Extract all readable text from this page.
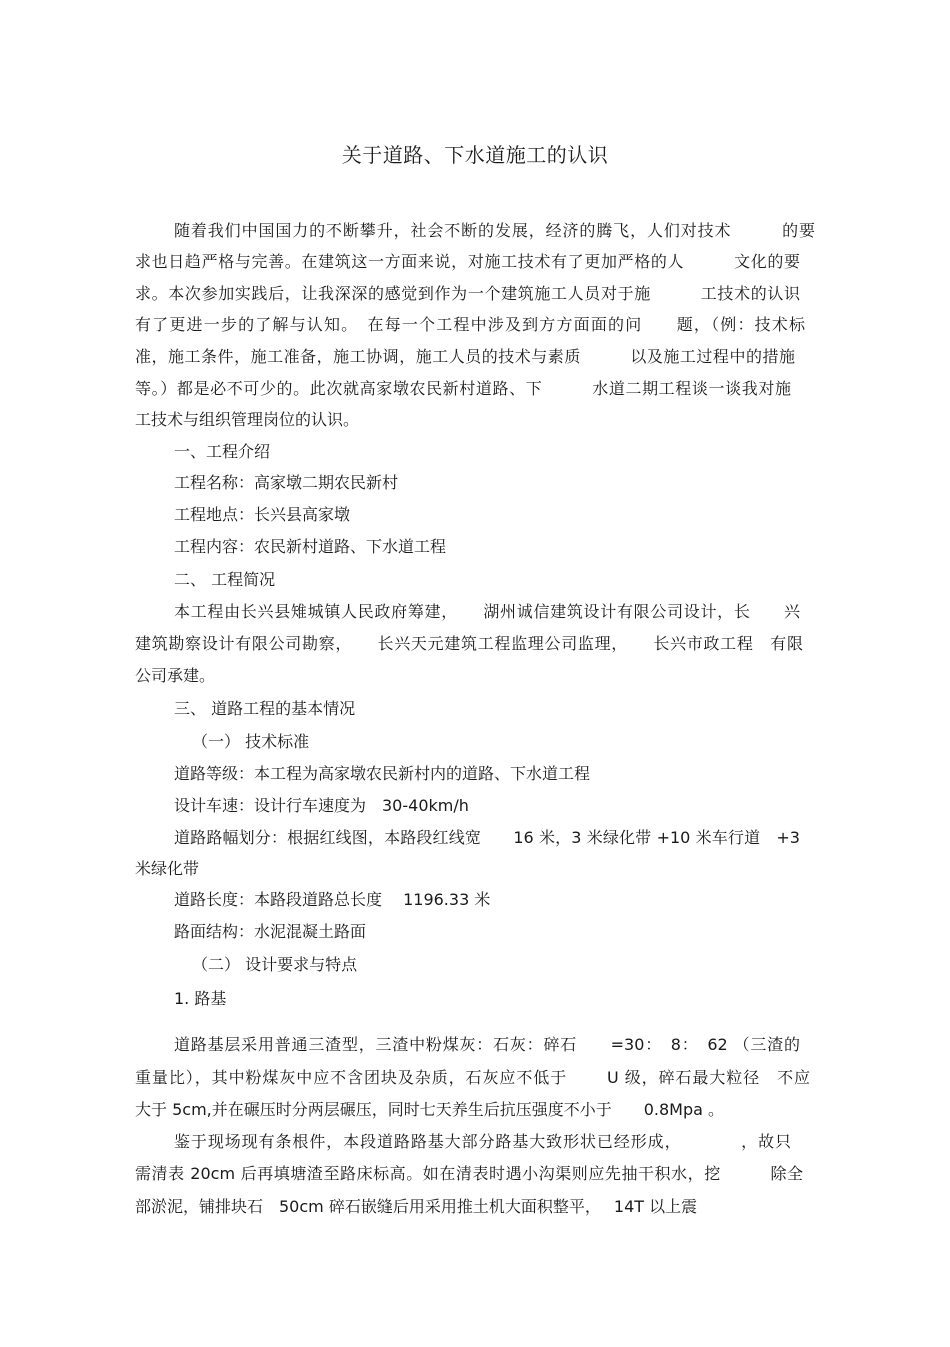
关于道路、下水道施工的认识
随着我们中国国力的不断攀升，社会不断的发展，经济的腾飞，人们对技术　　　的要
求也日趋严格与完善。在建筑这一方面来说，对施工技术有了更加严格的人　　　文化的要
求。本次参加实践后，让我深深的感觉到作为一个建筑施工人员对于施　　　工技术的认识
有了更进一步的了解与认知。　在每一个工程中涉及到方方面面的问　　题，（例：技术标
准，施工条件，施工准备，施工协调，施工人员的技术与素质　　　以及施工过程中的措施
等。）都是必不可少的。此次就高家墩农民新村道路、下　　　水道二期工程谈一谈我对施
工技术与组织管理岗位的认识。
一、工程介绍
工程名称：高家墩二期农民新村
工程地点：长兴县高家墩
工程内容：农民新村道路、下水道工程
二、 工程简况
本工程由长兴县雉城镇人民政府筹建，　　湖州诚信建筑设计有限公司设计，长　　兴
建筑勘察设计有限公司勘察，　　长兴天元建筑工程监理公司监理，　　长兴市政工程　有限
公司承建。
三、 道路工程的基本情况
（一） 技术标准
道路等级：本工程为高家墩农民新村内的道路、下水道工程
设计车速：设计行车速度为　30-40km/h
道路路幅划分：根据红线图，本路段红线宽　　16 米，3 米绿化带 +10 米车行道　+3
米绿化带
道路长度：本路段道路总长度　 1196.33 米
路面结构：水泥混凝土路面
（二） 设计要求与特点
1. 路基
道路基层采用普通三渣型，三渣中粉煤灰：石灰：碎石　　=30：　8：　62 （三渣的
重量比），其中粉煤灰中应不含团块及杂质，石灰应不低于　　 U 级，碎石最大粒径　不应
大于 5cm,并在碾压时分两层碾压，同时七天养生后抗压强度不小于　　0.8Mpa 。
鉴于现场现有条根件，本段道路路基大部分路基大致形状已经形成，　　　　，故只
需清表 20cm 后再填塘渣至路床标高。如在清表时遇小沟渠则应先抽干积水，挖　　　除全
部淤泥，铺排块石　50cm 碎石嵌缝后用采用推土机大面积整平，　 14T 以上震
